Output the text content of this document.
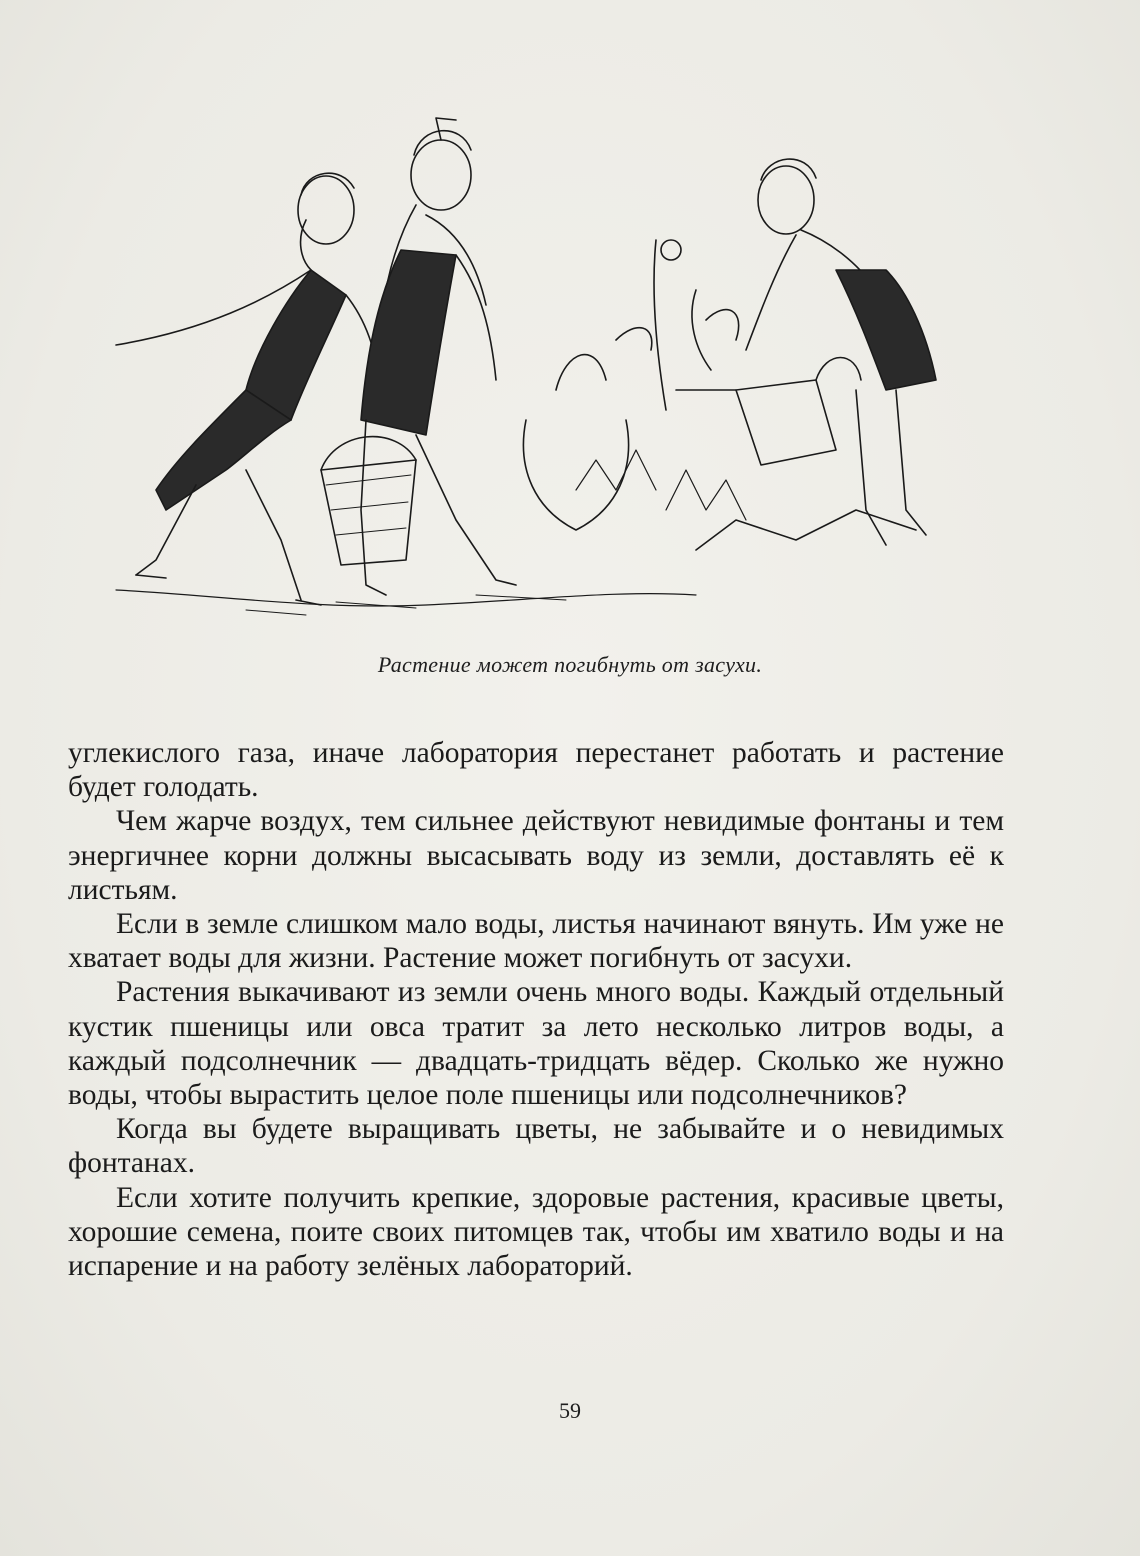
Растение может погибнуть от засухи.

углекислого газа, иначе лаборатория перестанет работать и растение будет голодать.

Чем жарче воздух, тем сильнее действуют невидимые фонтаны и тем энергичнее корни должны высасывать воду из земли, доставлять её к листьям.

Если в земле слишком мало воды, листья начинают вянуть. Им уже не хватает воды для жизни. Растение может погибнуть от засухи.

Растения выкачивают из земли очень много воды. Каждый отдельный кустик пшеницы или овса тратит за лето несколько литров воды, а каждый подсолнечник — двадцать-тридцать вёдер. Сколько же нужно воды, чтобы вырастить целое поле пшеницы или подсолнечников?

Когда вы будете выращивать цветы, не забывайте и о невидимых фонтанах.

Если хотите получить крепкие, здоровые растения, красивые цветы, хорошие семена, поите своих питомцев так, чтобы им хватило воды и на испарение и на работу зелёных лабораторий.

59
